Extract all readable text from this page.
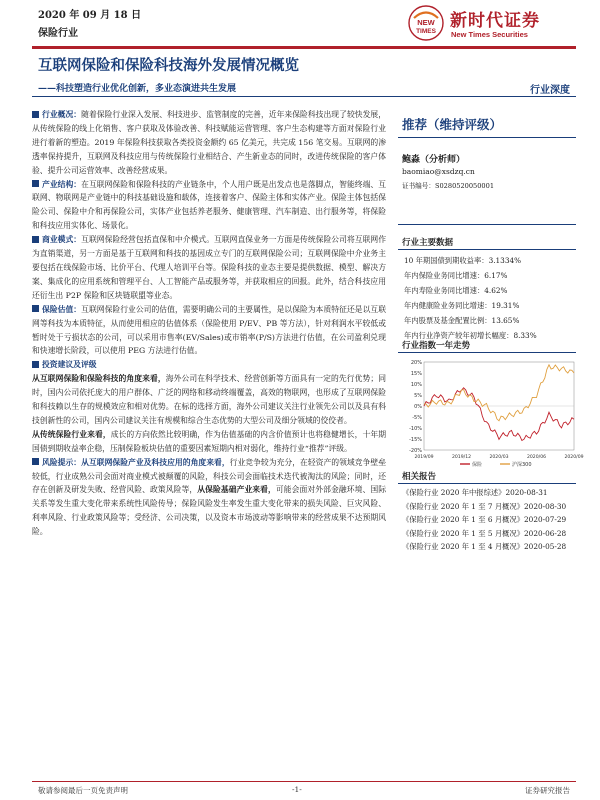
2020 年 09 月 18 日
保险行业
NEW
TIMES
新时代证券
New Times Securities
互联网保险和保险科技海外发展情况概览
——科技塑造行业优化创新，多业态演进共生发展	行业深度

行业概况：随着保险行业深入发展、科技进步、监管制度的完善，近年来保险科技出现了较快发展，从传统保险的线上化销售、客户获取及体验改善、科技赋能运营管理、客户生态构建等方面对保险行业进行着新的塑造。2019 年保险科技获取各类投资金额约 65 亿美元，共完成 156 笔交易。互联网的渗透率保持提升，互联网及科技应用与传统保险行业相结合、产生新业态的同时，改进传统保险的客户体验、提升公司运营效率、改善经营成果。

产业结构：在互联网保险和保险科技的产业链条中，个人用户既是出发点也是落脚点，智能终端、互联网、物联网是产业链中的科技基础设施和载体，连接着客户、保险主体和实体产业。保险主体包括保险公司、保险中介和再保险公司，实体产业包括养老服务、健康管理、汽车制造、出行服务等，将保险和科技应用实体化、场景化。

商业模式：互联网保险经营包括直保和中介模式。互联网直保业务一方面是传统保险公司将互联网作为直销渠道，另一方面是基于互联网和科技的基因成立专门的互联网保险公司；互联网保险中介业务主要包括在线保险市场、比价平台、代理人培训平台等。保险科技的业态主要是提供数据、模型、解决方案、集成化的应用系统和管理平台、人工智能产品或服务等，并获取相应的回报。此外，结合科技应用还衍生出 P2P 保险和区块链联盟等业态。

保险估值：互联网保险行业公司的估值，需要明确公司的主要属性，是以保险为本质特征还是以互联网等科技为本质特征，从而使用相应的估值体系（保险使用 P/EV、PB 等方法），针对利润水平较低或暂时处于亏损状态的公司，可以采用市售率(EV/Sales)或市销率(P/S)方法进行估值，在公司盈利兑现和快速增长阶段，可以使用 PEG 方法进行估值。

投资建议及评级

从互联网保险和保险科技的角度来看，海外公司在科学技术、经营创新等方面具有一定的先行优势；同时，国内公司依托庞大的用户群体、广泛的网络和移动终端覆盖，高效的物联网，也形成了互联网保险和科技赖以生存的规模效应和相对优势。在标的选择方面，海外公司建议关注行业领先公司以及具有科技创新性的公司，国内公司建议关注有规模和综合生态优势的大型公司及细分领域的佼佼者。

从传统保险行业来看，成长的方向依然比较明确，作为估值基础的内含价值预计也将稳健增长，十年期国债到期收益率企稳，压制保险板块估值的重要因素短期内相对弱化，维持行业“推荐”评级。

风险提示：从互联网保险产业及科技应用的角度来看，行业竞争较为充分，在轻资产的领域竞争壁垒较低，行业成熟公司会面对商业模式被颠覆的风险，科技公司会面临技术迭代被淘汰的风险；同时，还存在创新及研发失败、经营风险、政策风险等，从保险基础产业来看，可能会面对外部金融环境、国际关系等发生重大变化带来系统性风险传导；保险风险发生率发生重大变化带来的损失风险、巨灾风险、利率风险、行业政策风险等；受经济、公司决策，以及资本市场波动等影响带来的经营成果不达预期风险。

推荐（维持评级）
鲍淼（分析师）
baomiao@xsdzq.cn
证书编号：S0280520050001
行业主要数据
10 年期国债到期收益率：3.1334%
年内保险业务同比增速：6.17%
年内寿险业务同比增速：4.62%
年内健康险业务同比增速：19.31%
年内股票及基金配置比例：13.65%
年内行业净资产较年初增长幅度：8.33%
行业指数一年走势
20%
15%
10%
5%
0%
-5%
-10%
-15%
-20%
2019/09	2019/12	2020/03	2020/06	2020/09
保险	沪深300
相关报告
《保险行业 2020 年中报综述》2020-08-31
《保险行业 2020 年 1 至 7 月概况》2020-08-30
《保险行业 2020 年 1 至 6 月概况》2020-07-29
《保险行业 2020 年 1 至 5 月概况》2020-06-28
《保险行业 2020 年 1 至 4 月概况》2020-05-28
敬请参阅最后一页免责声明	-1-	证券研究报告
